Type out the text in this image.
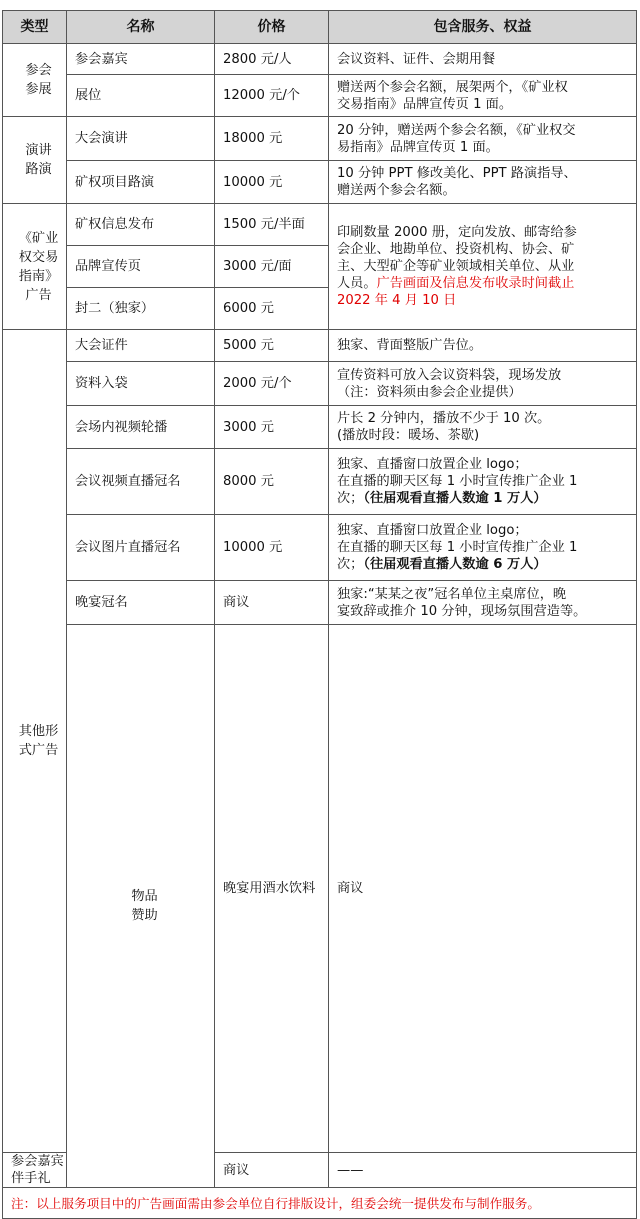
类型	名称	价格	包含服务、权益	

参会
参展	参会嘉宾	2800 元/人	会议资料、证件、会期用餐	

	展位	12000 元/个	赠送两个参会名额，展架两个，《矿业权
交易指南》品牌宣传页 1 面。	

演讲
路演	大会演讲	18000 元	20 分钟，赠送两个参会名额，《矿业权交
易指南》品牌宣传页 1 面。	

	矿权项目路演	10000 元	10 分钟 PPT 修改美化、PPT 路演指导、
赠送两个参会名额。	

《矿业
权交易
指南》
广告	矿权信息发布	1500 元/半面	印刷数量 2000 册，定向发放、邮寄给参
会企业、地勘单位、投资机构、协会、矿
主、大型矿企等矿业领域相关单位、从业
人员。广告画面及信息发布收录时间截止
2022 年 4 月 10 日	

	品牌宣传页	3000 元/面		
	封二（独家）	6000 元		

其他形
式广告	大会证件	5000 元	独家、背面整版广告位。	

	资料入袋	2000 元/个	宣传资料可放入会议资料袋，现场发放
（注：资料须由参会企业提供）	

	会场内视频轮播	3000 元	片长 2 分钟内，播放不少于 10 次。
(播放时段：暖场、茶歇)	

	会议视频直播冠名	8000 元	独家、直播窗口放置企业 logo；
在直播的聊天区每 1 小时宣传推广企业 1
次；（往届观看直播人数逾 1 万人）	

	会议图片直播冠名	10000 元	独家、直播窗口放置企业 logo；
在直播的聊天区每 1 小时宣传推广企业 1
次；（往届观看直播人数逾 6 万人）	

	晚宴冠名	商议	独家:“某某之夜”冠名单位主桌席位，晚
宴致辞或推介 10 分钟，现场氛围营造等。	

	物品
赞助	晚宴用酒水饮料	商议	

参会嘉宾伴手礼		商议	——	

注：以上服务项目中的广告画面需由参会单位自行排版设计，组委会统一提供发布与制作服务。				
